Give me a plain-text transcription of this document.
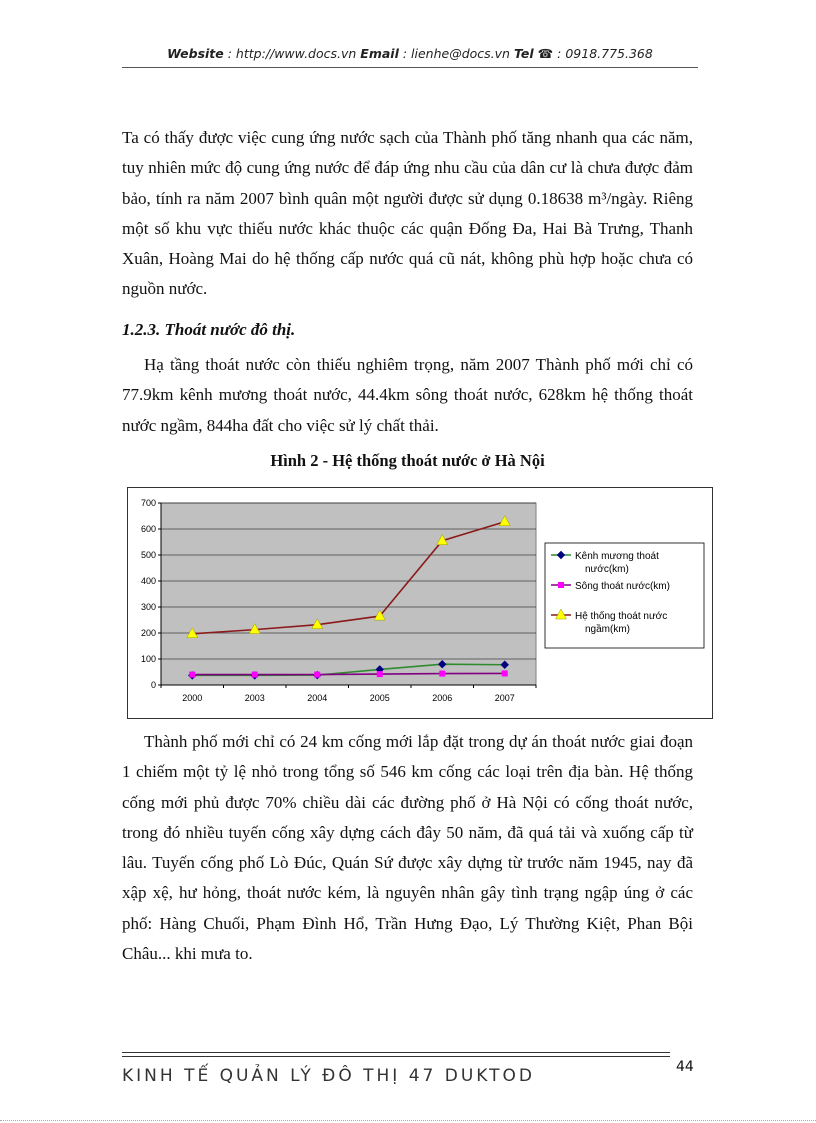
Website : http://www.docs.vn Email : lienhe@docs.vn Tel ☎ : 0918.775.368
Ta có thấy được việc cung ứng nước sạch của Thành phố tăng nhanh qua các năm, tuy nhiên mức độ cung ứng nước để đáp ứng nhu cầu của dân cư là chưa được đảm bảo, tính ra năm 2007 bình quân một người được sử dụng 0.18638 m³/ngày. Riêng một số khu vực thiếu nước khác thuộc các quận Đống Đa, Hai Bà Trưng, Thanh Xuân, Hoàng Mai do hệ thống cấp nước quá cũ nát, không phù hợp hoặc chưa có nguồn nước.
1.2.3. Thoát nước đô thị.
Hạ tầng thoát nước còn thiếu nghiêm trọng, năm 2007 Thành phố mới chỉ có 77.9km kênh mương thoát nước, 44.4km sông thoát nước, 628km hệ thống thoát nước ngầm, 844ha đất cho việc sử lý chất thải.
Hình 2 - Hệ thống thoát nước ở Hà Nội
0
100
200
300
400
500
600
700
2000	2003	2004	2005	2006	2007
Kênh mương thoát
nước(km)
Sông thoát nước(km)
Hệ thống thoát nước
ngầm(km)
Thành phố mới chỉ có 24 km cống mới lắp đặt trong dự án thoát nước giai đoạn 1 chiếm một tỷ lệ nhỏ trong tổng số 546 km cống các loại trên địa bàn. Hệ thống cống mới phủ được 70% chiều dài các đường phố ở Hà Nội có cống thoát nước, trong đó nhiều tuyến cống xây dựng cách đây 50 năm, đã quá tải và xuống cấp từ lâu. Tuyến cống phố Lò Đúc, Quán Sứ được xây dựng từ trước năm 1945, nay đã xập xệ, hư hỏng, thoát nước kém, là nguyên nhân gây tình trạng ngập úng ở các phố: Hàng Chuối, Phạm Đình Hổ, Trần Hưng Đạo, Lý Thường Kiệt, Phan Bội Châu... khi mưa to.
KINH TẾ QUẢN LÝ ĐÔ THỊ 47 DUKTOD	44
